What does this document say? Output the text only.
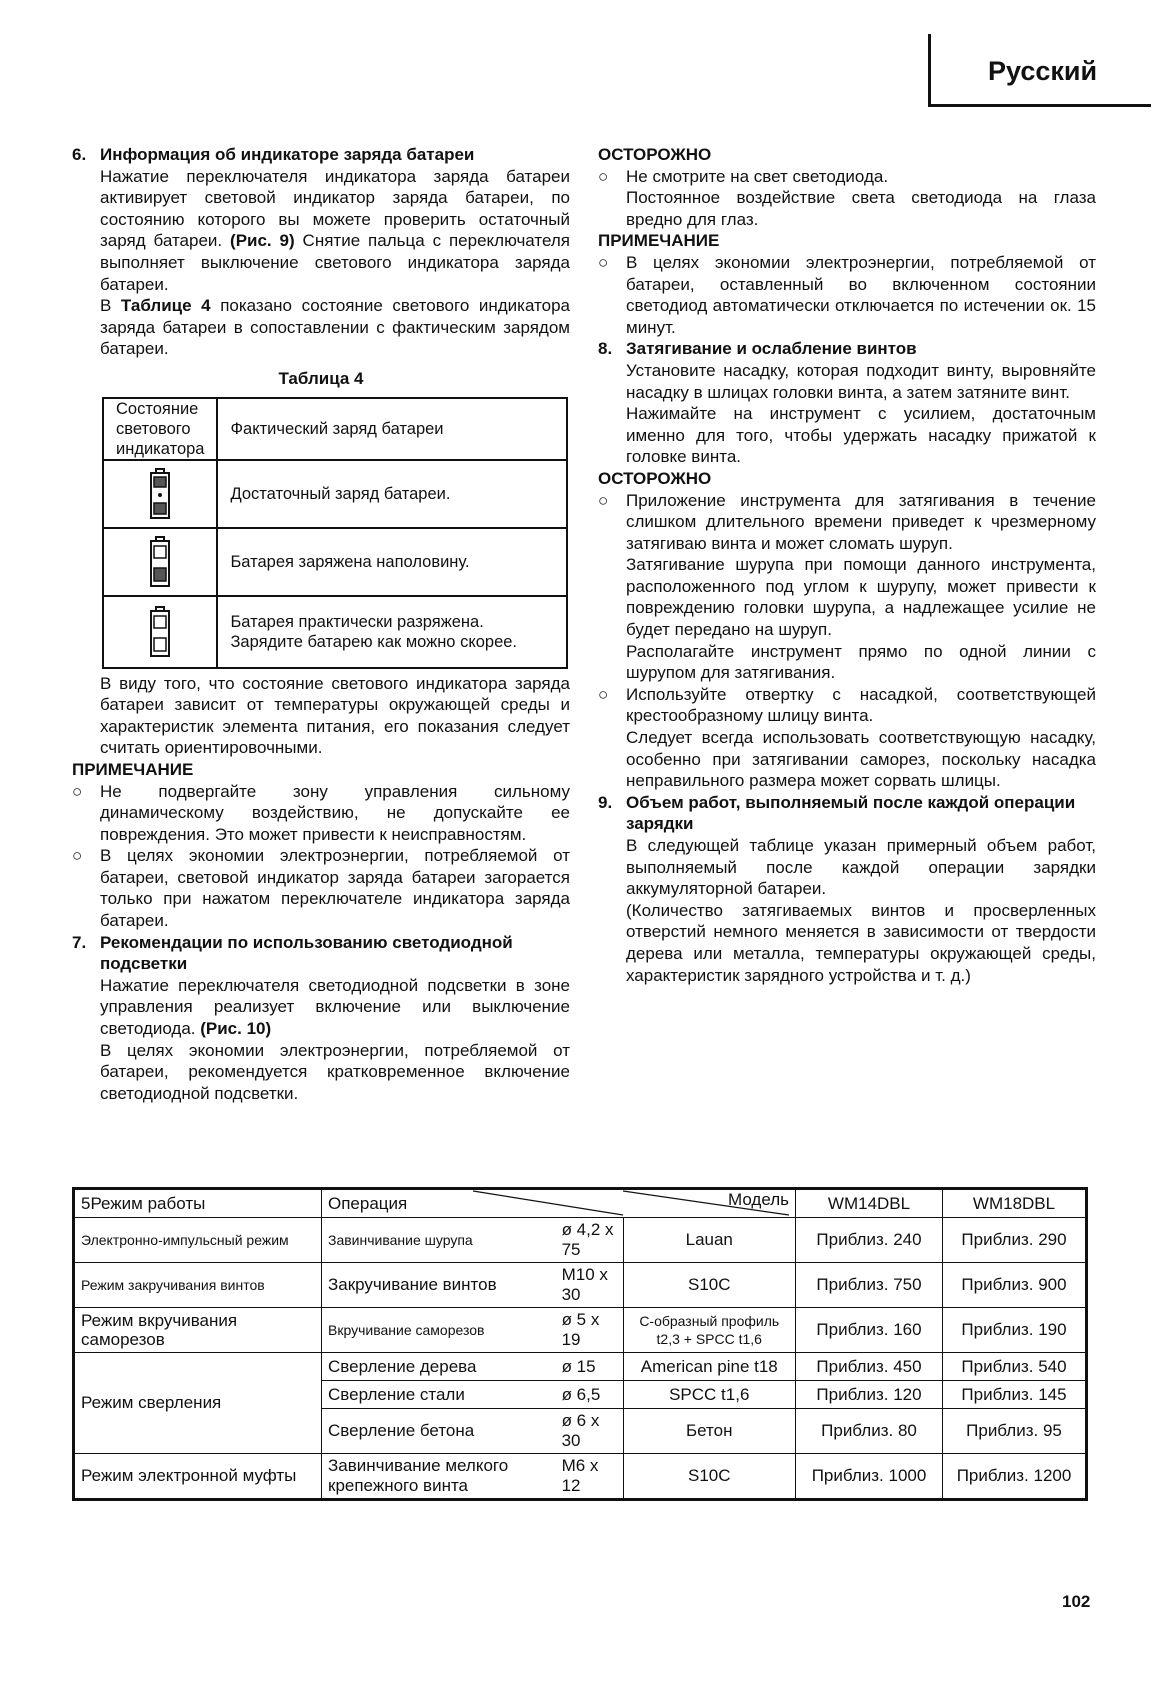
Русский
6. Информация об индикаторе заряда батареи
Нажатие переключателя индикатора заряда батареи активирует световой индикатор заряда батареи, по состоянию которого вы можете проверить остаточный заряд батареи. (Рис. 9) Снятие пальца с переключателя выполняет выключение светового индикатора заряда батареи.
В Таблице 4 показано состояние светового индикатора заряда батареи в сопоставлении с фактическим зарядом батареи.
Таблица 4
Состояние светового индикатора	Фактический заряд батареи

	Достаточный заряд батареи.

	Батарея заряжена наполовину.

	Батарея практически разряжена. Зарядите батарею как можно скорее.
В виду того, что состояние светового индикатора заряда батареи зависит от температуры окружающей среды и характеристик элемента питания, его показания следует считать ориентировочными.
ПРИМЕЧАНИЕ
○	Не подвергайте зону управления сильному динамическому воздействию, не допускайте ее повреждения. Это может привести к неисправностям.
○	В целях экономии электроэнергии, потребляемой от батареи, световой индикатор заряда батареи загорается только при нажатом переключателе индикатора заряда батареи.
7. Рекомендации по использованию светодиодной подсветки
Нажатие переключателя светодиодной подсветки в зоне управления реализует включение или выключение светодиода. (Рис. 10)
В целях экономии электроэнергии, потребляемой от батареи, рекомендуется кратковременное включение светодиодной подсветки.
ОСТОРОЖНО
○	Не смотрите на свет светодиода.
Постоянное воздействие света светодиода на глаза вредно для глаз.
ПРИМЕЧАНИЕ
○	В целях экономии электроэнергии, потребляемой от батареи, оставленный во включенном состоянии светодиод автоматически отключается по истечении ок. 15 минут.
8. Затягивание и ослабление винтов
Установите насадку, которая подходит винту, выровняйте насадку в шлицах головки винта, а затем затяните винт.
Нажимайте на инструмент с усилием, достаточным именно для того, чтобы удержать насадку прижатой к головке винта.
ОСТОРОЖНО
○	Приложение инструмента для затягивания в течение слишком длительного времени приведет к чрезмерному затягиваю винта и может сломать шуруп.
Затягивание шурупа при помощи данного инструмента, расположенного под углом к шурупу, может привести к повреждению головки шурупа, а надлежащее усилие не будет передано на шуруп.
Располагайте инструмент прямо по одной линии с шурупом для затягивания.
○	Используйте отвертку с насадкой, соответствующей крестообразному шлицу винта.
Следует всегда использовать соответствующую насадку, особенно при затягивании саморез, поскольку насадка неправильного размера может сорвать шлицы.
9. Объем работ, выполняемый после каждой операции зарядки
В следующей таблице указан примерный объем работ, выполняемый после каждой операции зарядки аккумуляторной батареи.
(Количество затягиваемых винтов и просверленных отверстий немного меняется в зависимости от твердости дерева или металла, температуры окружающей среды, характеристик зарядного устройства и т. д.)
5Режим работы	Операция		Модель	WM14DBL	WM18DBL
Электронно-импульсный режим	Завинчивание шурупа	ø 4,2 x 75	Lauan	Приблиз. 240	Приблиз. 290
Режим закручивания винтов	Закручивание винтов	M10 x 30	S10C	Приблиз. 750	Приблиз. 900
Режим вкручивания саморезов	Вкручивание саморезов	ø 5 x 19	С-образный профиль t2,3 + SPCC t1,6	Приблиз. 160	Приблиз. 190
Режим сверления	Сверление дерева	ø 15	American pine t18	Приблиз. 450	Приблиз. 540
	Сверление стали	ø 6,5	SPCC t1,6	Приблиз. 120	Приблиз. 145
	Сверление бетона	ø 6 x 30	Бетон	Приблиз. 80	Приблиз. 95
Режим электронной муфты	Завинчивание мелкого крепежного винта	M6 x 12	S10C	Приблиз. 1000	Приблиз. 1200
102
